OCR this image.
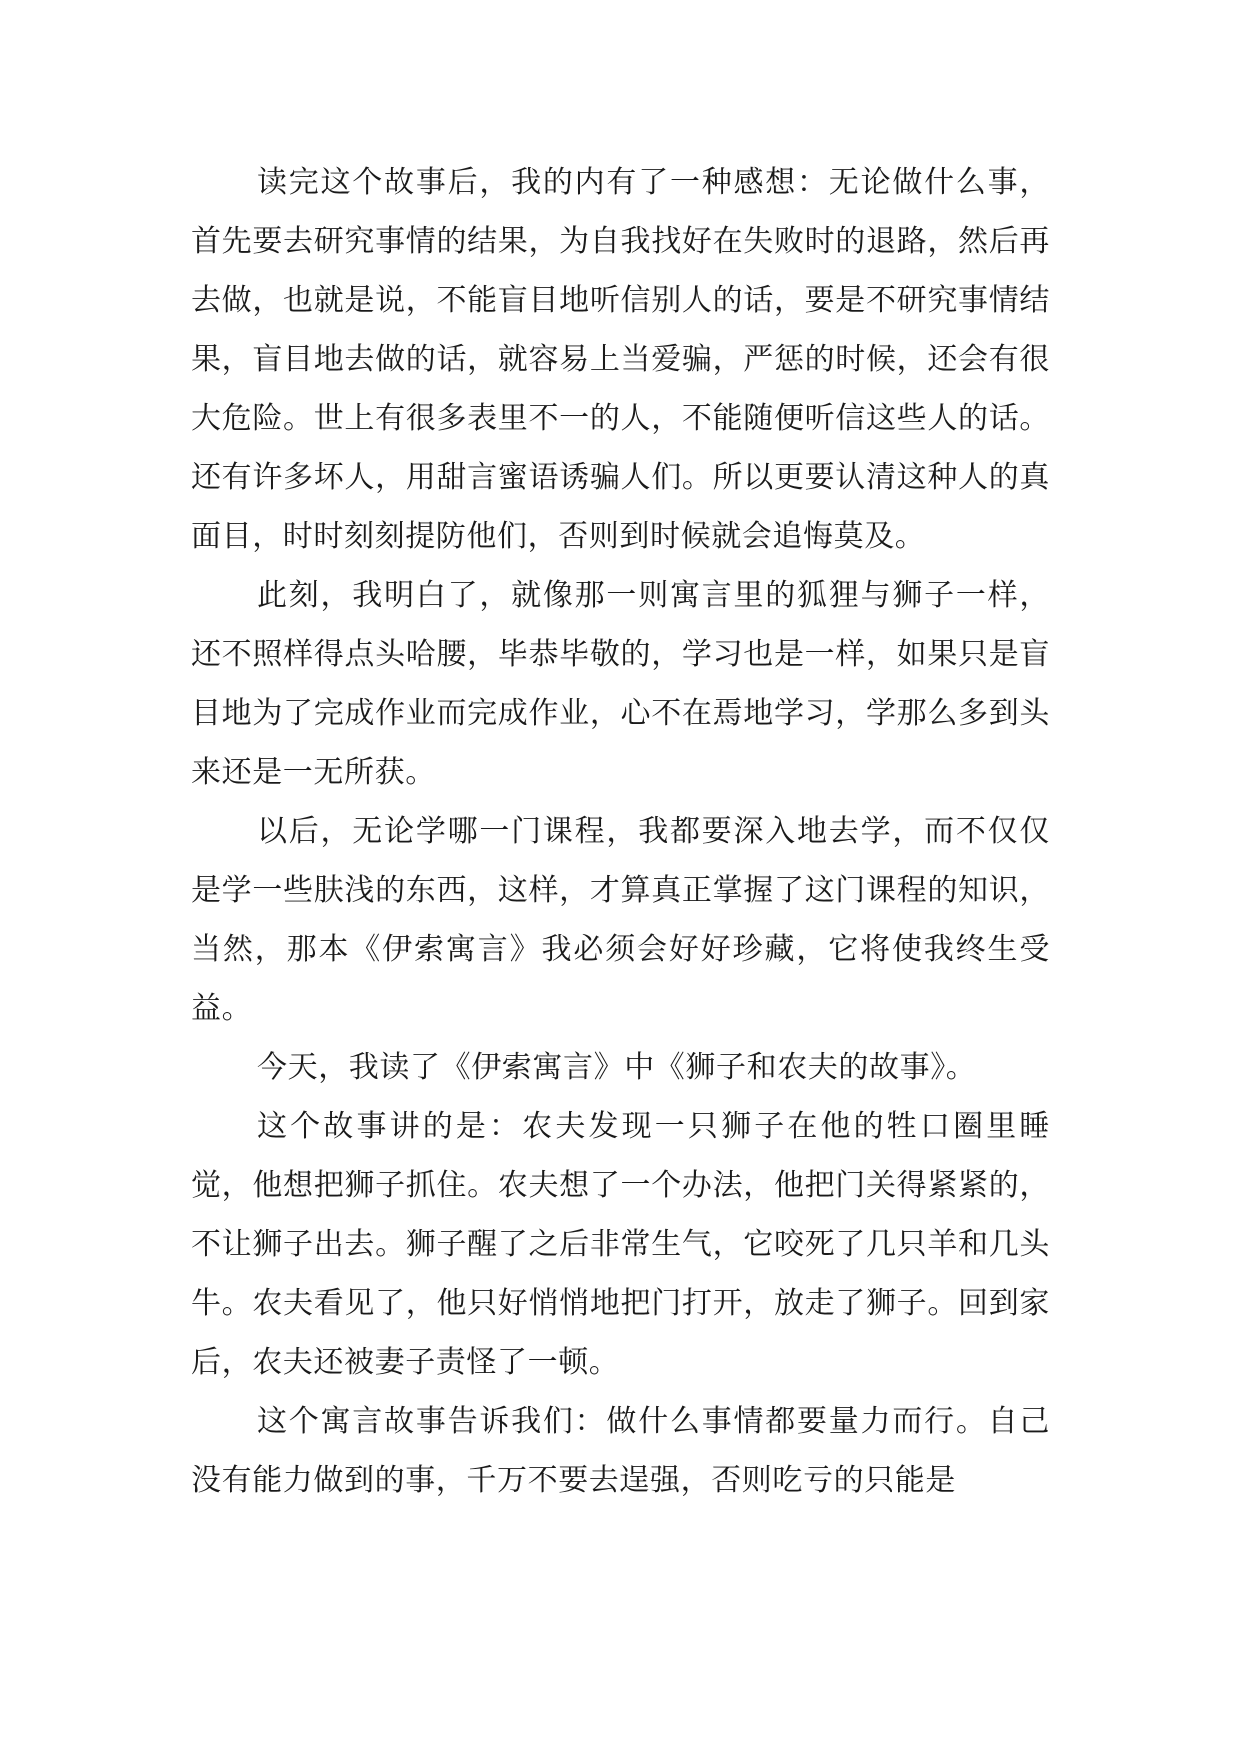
读完这个故事后，我的内有了一种感想：无论做什么事，首先要去研究事情的结果，为自我找好在失败时的退路，然后再去做，也就是说，不能盲目地听信别人的话，要是不研究事情结果，盲目地去做的话，就容易上当爱骗，严惩的时候，还会有很大危险。世上有很多表里不一的人，不能随便听信这些人的话。还有许多坏人，用甜言蜜语诱骗人们。所以更要认清这种人的真面目，时时刻刻提防他们，否则到时候就会追悔莫及。

此刻，我明白了，就像那一则寓言里的狐狸与狮子一样，还不照样得点头哈腰，毕恭毕敬的，学习也是一样，如果只是盲目地为了完成作业而完成作业，心不在焉地学习，学那么多到头来还是一无所获。

以后，无论学哪一门课程，我都要深入地去学，而不仅仅是学一些肤浅的东西，这样，才算真正掌握了这门课程的知识，当然，那本《伊索寓言》我必须会好好珍藏，它将使我终生受益。

今天，我读了《伊索寓言》中《狮子和农夫的故事》。

这个故事讲的是：农夫发现一只狮子在他的牲口圈里睡觉，他想把狮子抓住。农夫想了一个办法，他把门关得紧紧的，不让狮子出去。狮子醒了之后非常生气，它咬死了几只羊和几头牛。农夫看见了，他只好悄悄地把门打开，放走了狮子。回到家后，农夫还被妻子责怪了一顿。

这个寓言故事告诉我们：做什么事情都要量力而行。自己没有能力做到的事，千万不要去逞强，否则吃亏的只能是
